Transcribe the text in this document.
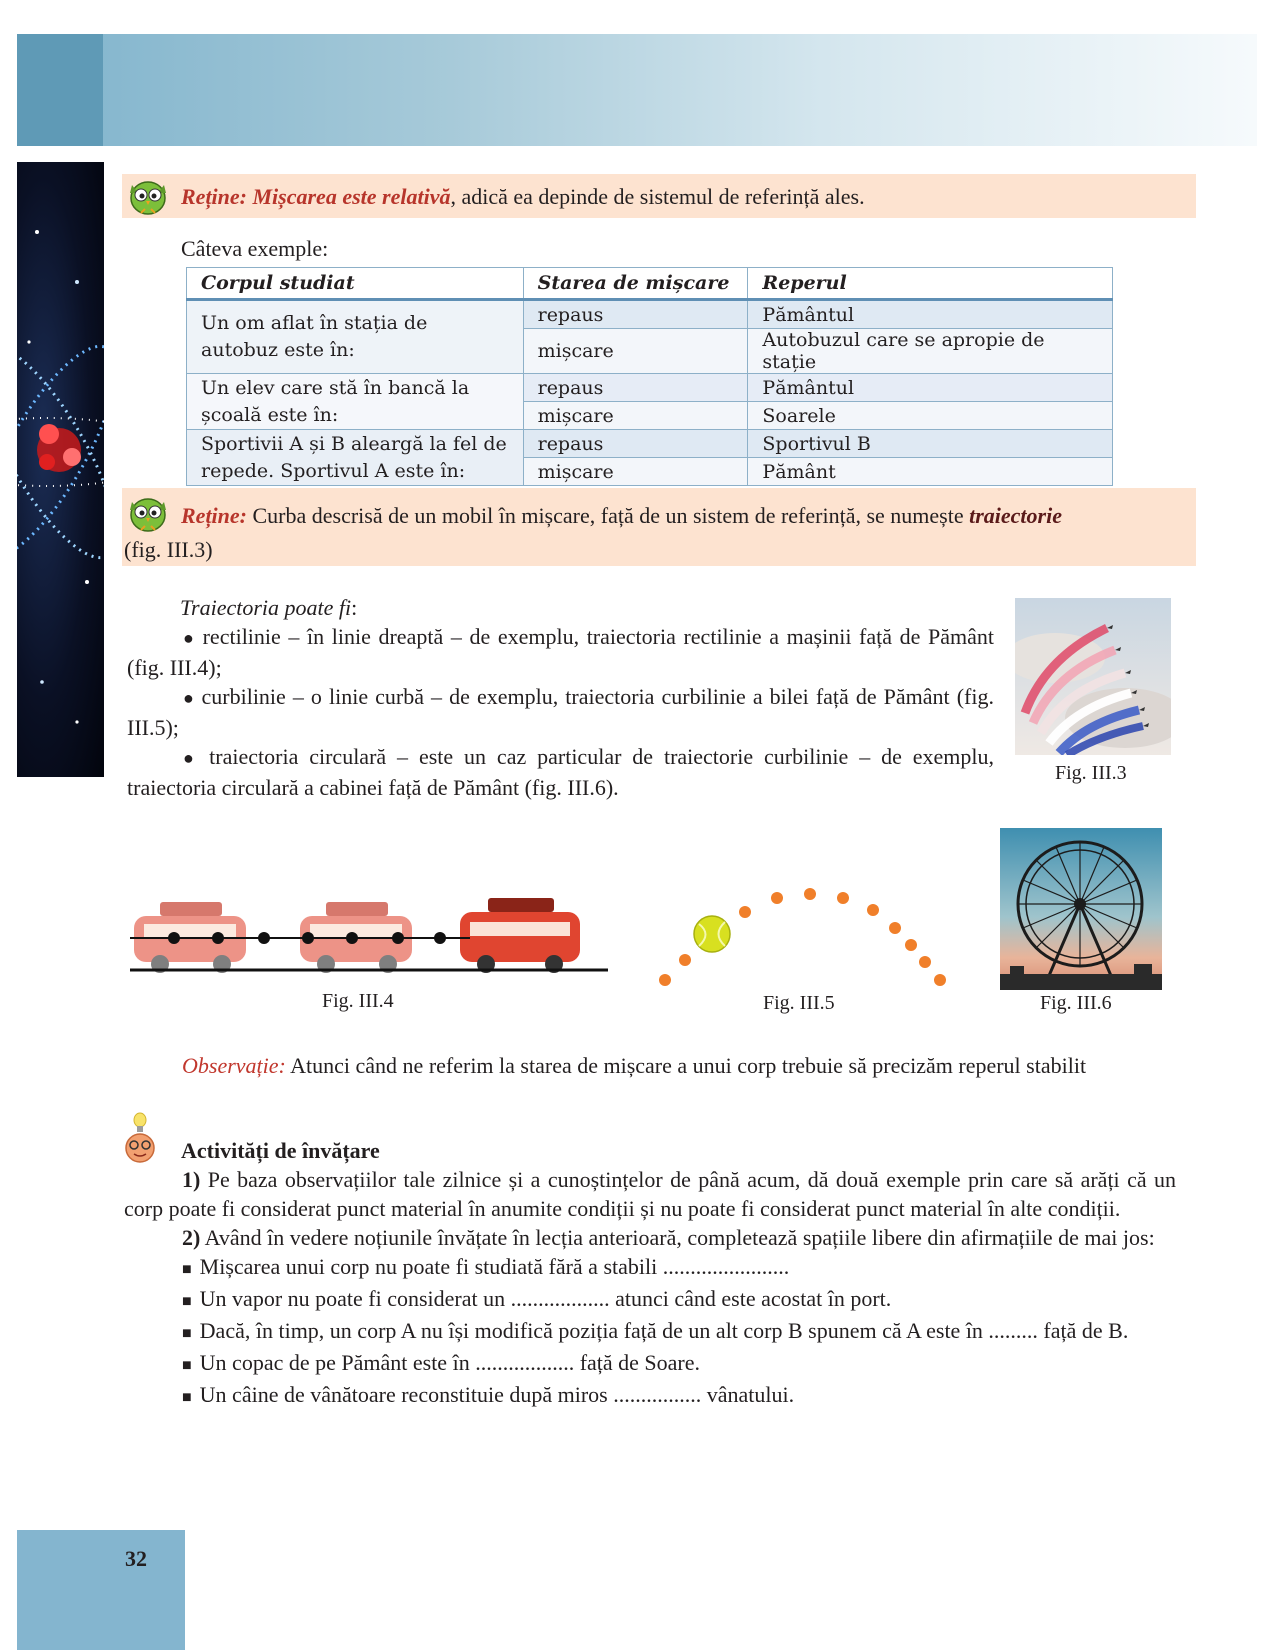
Reține: Mișcarea este relativă, adică ea depinde de sistemul de referință ales.
Câteva exemple:
Corpul studiat	Starea de mișcare	Reperul

Un om aflat în stația de
autobuz este în:	repaus	Pământul
	mișcare	Autobuzul care se apropie de stație

Un elev care stă în bancă la
școală este în:	repaus	Pământul
	mișcare	Soarele

Sportivii A și B aleargă la fel de
repede. Sportivul A este în:	repaus	Sportivul B
	mișcare	Pământ
Reține: Curba descrisă de un mobil în mișcare, față de un sistem de referință, se numește traiectorie
(fig. III.3)
Traiectoria poate fi:
● rectilinie – în linie dreaptă – de exemplu, traiectoria rectilinie a mașinii față de Pământ (fig. III.4);
● curbilinie – o linie curbă – de exemplu, traiectoria curbilinie a bilei față de Pământ (fig. III.5);
● traiectoria circulară – este un caz particular de traiectorie curbilinie – de exemplu, traiectoria circulară a cabinei față de Pământ (fig. III.6).
Fig. III.3
Fig. III.4	Fig. III.5	Fig. III.6
Observație: Atunci când ne referim la starea de mișcare a unui corp trebuie să precizăm reperul stabilit
Activități de învățare
1) Pe baza observațiilor tale zilnice și a cunoștințelor de până acum, dă două exemple prin care să arăți că un corp poate fi considerat punct material în anumite condiții și nu poate fi considerat punct material în alte condiții.
2) Având în vedere noțiunile învățate în lecția anterioară, completează spațiile libere din afirmațiile de mai jos:
■  Mișcarea unui corp nu poate fi studiată fără a stabili .......................
■  Un vapor nu poate fi considerat un .................. atunci când este acostat în port.
■  Dacă, în timp, un corp A nu își modifică poziția față de un alt corp B spunem că A este în ......... față de B.
■  Un copac de pe Pământ este în .................. față de Soare.
■  Un câine de vânătoare reconstituie după miros ................ vânatului.
32
